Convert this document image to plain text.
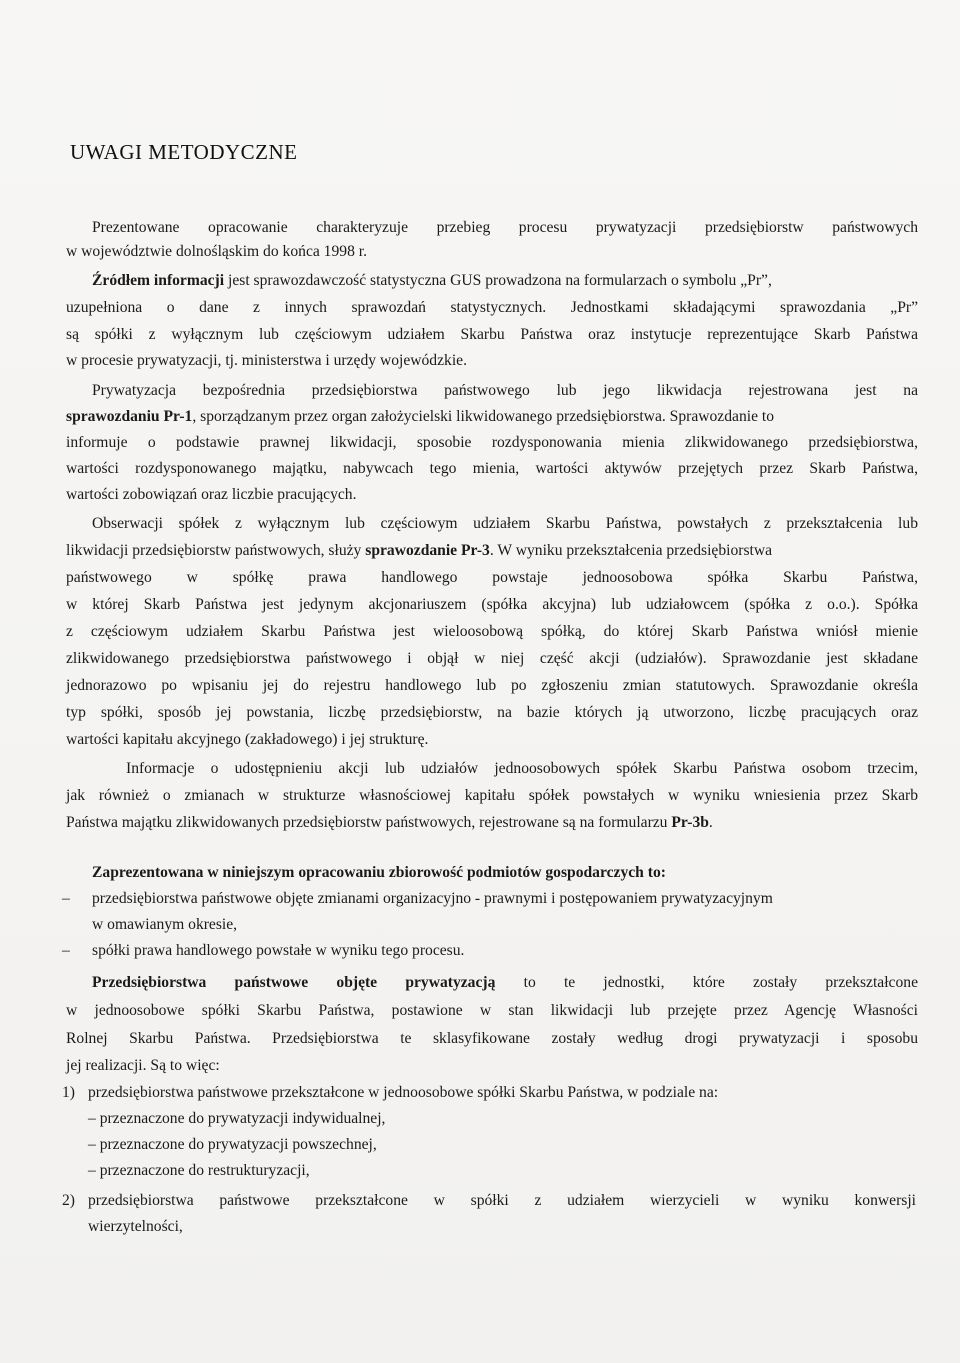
UWAGI METODYCZNE
Prezentowane opracowanie charakteryzuje przebieg procesu prywatyzacji przedsiębiorstw państwowych
w województwie dolnośląskim do końca 1998 r.
Źródłem informacji jest sprawozdawczość statystyczna GUS prowadzona na formularzach o symbolu „Pr”,
uzupełniona o dane z innych sprawozdań statystycznych. Jednostkami składającymi sprawozdania „Pr”
są spółki z wyłącznym lub częściowym udziałem Skarbu Państwa oraz instytucje reprezentujące Skarb Państwa
w procesie prywatyzacji, tj. ministerstwa i urzędy wojewódzkie.
Prywatyzacja bezpośrednia przedsiębiorstwa państwowego lub jego likwidacja rejestrowana jest na
sprawozdaniu Pr-1, sporządzanym przez organ założycielski likwidowanego przedsiębiorstwa. Sprawozdanie to
informuje o podstawie prawnej likwidacji, sposobie rozdysponowania mienia zlikwidowanego przedsiębiorstwa,
wartości rozdysponowanego majątku, nabywcach tego mienia, wartości aktywów przejętych przez Skarb Państwa,
wartości zobowiązań oraz liczbie pracujących.
Obserwacji spółek z wyłącznym lub częściowym udziałem Skarbu Państwa, powstałych z przekształcenia lub
likwidacji przedsiębiorstw państwowych, służy sprawozdanie Pr-3. W wyniku przekształcenia przedsiębiorstwa
państwowego w spółkę prawa handlowego powstaje jednoosobowa spółka Skarbu Państwa,
w której Skarb Państwa jest jedynym akcjonariuszem (spółka akcyjna) lub udziałowcem (spółka z o.o.). Spółka
z częściowym udziałem Skarbu Państwa jest wieloosobową spółką, do której Skarb Państwa wniósł mienie
zlikwidowanego przedsiębiorstwa państwowego i objął w niej część akcji (udziałów). Sprawozdanie jest składane
jednorazowo po wpisaniu jej do rejestru handlowego lub po zgłoszeniu zmian statutowych. Sprawozdanie określa
typ spółki, sposób jej powstania, liczbę przedsiębiorstw, na bazie których ją utworzono, liczbę pracujących oraz
wartości kapitału akcyjnego (zakładowego) i jej strukturę.
Informacje o udostępnieniu akcji lub udziałów jednoosobowych spółek Skarbu Państwa osobom trzecim,
jak również o zmianach w strukturze własnościowej kapitału spółek powstałych w wyniku wniesienia przez Skarb
Państwa majątku zlikwidowanych przedsiębiorstw państwowych, rejestrowane są na formularzu Pr-3b.
Zaprezentowana w niniejszym opracowaniu zbiorowość podmiotów gospodarczych to:
– przedsiębiorstwa państwowe objęte zmianami organizacyjno - prawnymi i postępowaniem prywatyzacyjnym
w omawianym okresie,
– spółki prawa handlowego powstałe w wyniku tego procesu.
Przedsiębiorstwa państwowe objęte prywatyzacją to te jednostki, które zostały przekształcone
w jednoosobowe spółki Skarbu Państwa, postawione w stan likwidacji lub przejęte przez Agencję Własności
Rolnej Skarbu Państwa. Przedsiębiorstwa te sklasyfikowane zostały według drogi prywatyzacji i sposobu
jej realizacji. Są to więc:
1) przedsiębiorstwa państwowe przekształcone w jednoosobowe spółki Skarbu Państwa, w podziale na:
– przeznaczone do prywatyzacji indywidualnej,
– przeznaczone do prywatyzacji powszechnej,
– przeznaczone do restrukturyzacji,
2) przedsiębiorstwa państwowe przekształcone w spółki z udziałem wierzycieli w wyniku konwersji
wierzytelności,
